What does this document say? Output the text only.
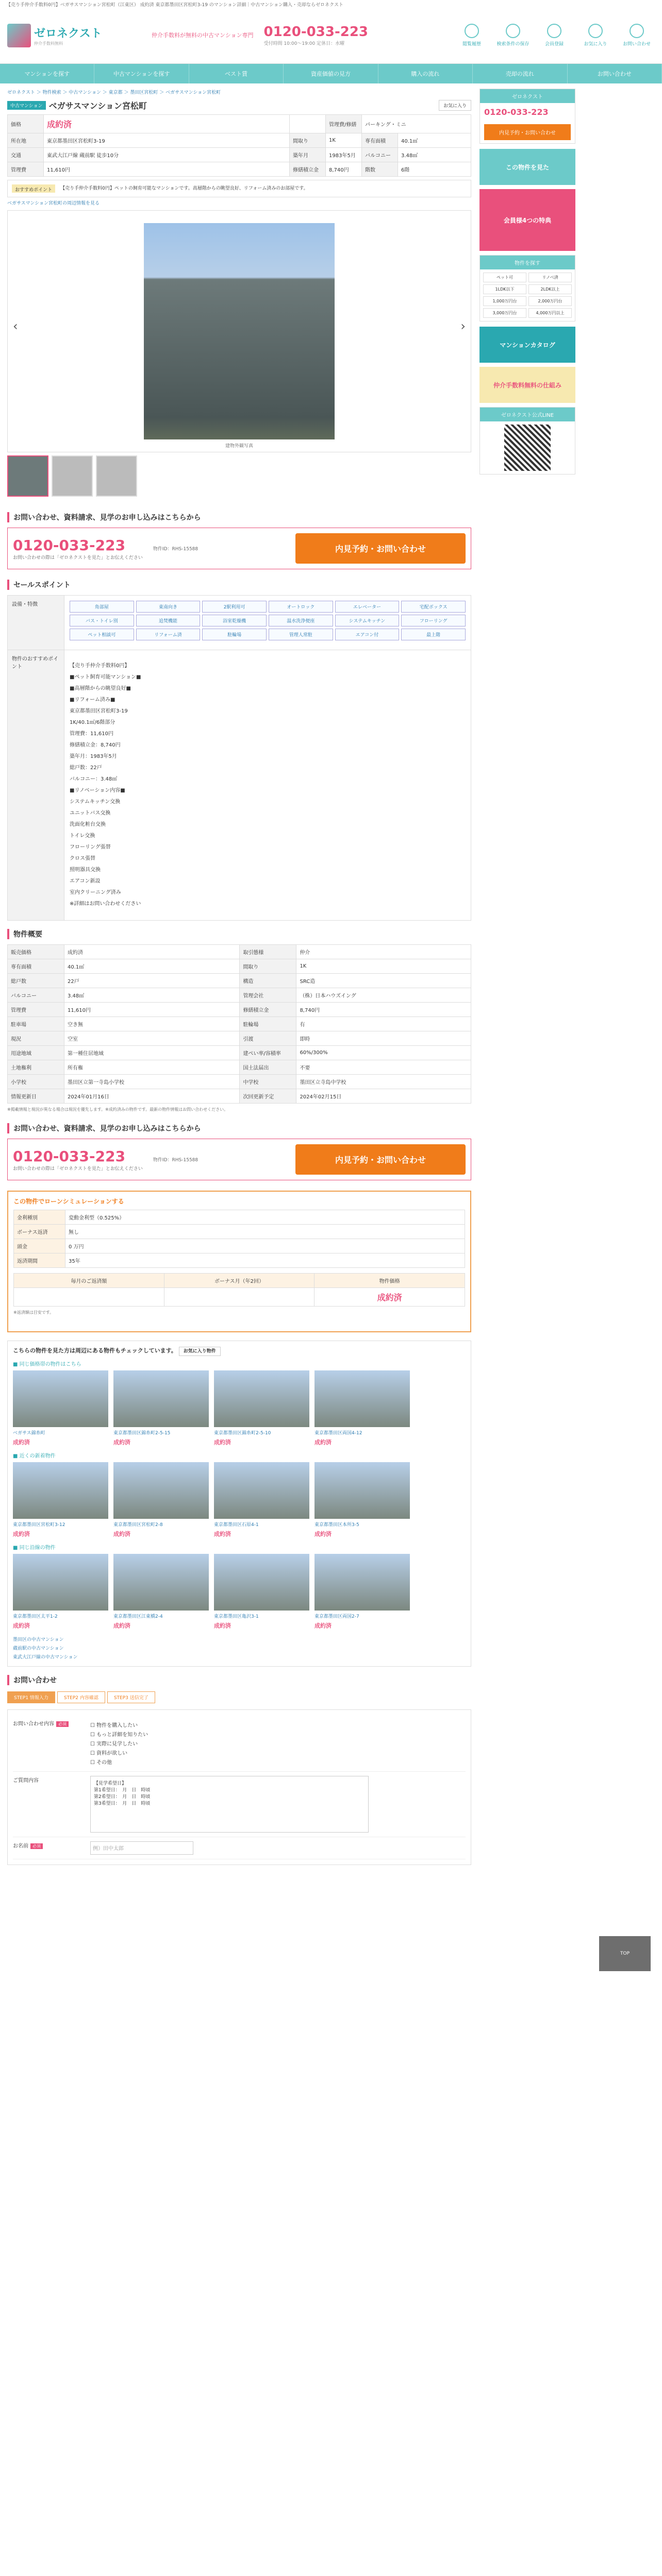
【売り手仲介手数料0円】ベガサスマンション宮松町（江東区） 成約済 東京都墨田区宮松町3-19 のマンション詳細｜中古マンション購入・売却ならゼロネクスト
ゼロネクスト
仲介手数料無料
仲介手数料が無料の中古マンション専門 0120-033-223
受付時間 10:00〜19:00 定休日：水曜	閲覧履歴	検索条件の保存	会員登録	お気に入り	お問い合わせ
マンションを探す	中古マンションを探す	ベスト賃	資産価値の見方	購入の流れ	売却の流れ	お問い合わせ
ゼロネクスト ＞ 物件検索 ＞ 中古マンション ＞ 東京都 ＞ 墨田区宮松町 ＞ ベガサスマンション宮松町
中古マンション ベガサスマンション宮松町	お気に入り
価格	成約済		管理費/修繕	パーキング・ミニ	
所在地	東京都墨田区宮松町3-19	間取り	1K	専有面積	40.1㎡
交通	東武大江戸線 蔵前駅 徒歩10分	築年月	1983年5月	バルコニー	3.48㎡
管理費	11,610円	修繕積立金	8,740円	階数	6階
おすすめポイント	【売り手仲介手数料0円】ペットの飼育可能なマンションです。高層階からの眺望良好、リフォーム済みのお部屋です。
ベガサスマンション宮松町の周辺情報を見る
‹	›
建物外観写真
お問い合わせ、資料請求、見学のお申し込みはこちらから
0120-033-223
お問い合わせの際は「ゼロネクストを見た」とお伝えください
物件ID：RHS-15588	内見予約・お問い合わせ
セールスポイント
設備・特徴	角部屋	東南向き	2駅利用可	オートロック	エレベーター	宅配ボックス
バス・トイレ別	追焚機能	浴室乾燥機	温水洗浄便座	システムキッチン	フローリング
ペット相談可	リフォーム済	駐輪場	管理人常駐	エアコン付	最上階
物件のおすすめポイント	【売り手仲介手数料0円】
■ペット飼育可能マンション■
■高層階からの眺望良好■
■リフォーム済み■
東京都墨田区宮松町3-19
1K/40.1㎡/6階部分
管理費：11,610円
修繕積立金：8,740円
築年月：1983年5月
総戸数：22戸
バルコニー：3.48㎡
■リノベーション内容■
システムキッチン交換
ユニットバス交換
洗面化粧台交換
トイレ交換
フローリング張替
クロス張替
照明器具交換
エアコン新設
室内クリーニング済み
※詳細はお問い合わせください
物件概要
販売価格	成約済	取引態様	仲介
専有面積	40.1㎡	間取り	1K
総戸数	22戸	構造	SRC造
バルコニー	3.48㎡	管理会社	（株）日本ハウズイング
管理費	11,610円	修繕積立金	8,740円
駐車場	空き無	駐輪場	有
現況	空室	引渡	即時
用途地域	第一種住居地域	建ぺい率/容積率	60%/300%
土地権利	所有権	国土法届出	不要
小学校	墨田区立第一寺島小学校	中学校	墨田区立寺島中学校
情報更新日	2024年01月16日	次回更新予定	2024年02月15日
※掲載情報と現況が異なる場合は現況を優先します。※成約済みの物件です。最新の物件情報はお問い合わせください。
お問い合わせ、資料請求、見学のお申し込みはこちらから
0120-033-223
お問い合わせの際は「ゼロネクストを見た」とお伝えください
物件ID：RHS-15588	内見予約・お問い合わせ
この物件でローンシミュレーションする
金利種別	変動金利型（0.525%）
ボーナス返済	無し
頭金	0 万円
返済期間	35年
毎月のご返済額	ボーナス月（年2回）	物件価格
		成約済
※返済額は目安です。
こちらの物件を見た方は周辺にある物件もチェックしています。 お気に入り物件
■ 同じ価格帯の物件はこちら
ベガサス錦糸町
成約済
東京都墨田区錦糸町2-5-15
成約済
東京都墨田区錦糸町2-5-10
成約済
東京都墨田区両国4-12
成約済
■ 近くの新着物件
東京都墨田区宮松町3-12
成約済
東京都墨田区宮松町2-8
成約済
東京都墨田区石原4-1
成約済
東京都墨田区本所3-5
成約済
■ 同じ沿線の物件
東京都墨田区太平1-2
成約済
東京都墨田区江東橋2-4
成約済
東京都墨田区亀沢3-1
成約済
東京都墨田区両国2-7
成約済
墨田区の中古マンション
蔵前駅の中古マンション
東武大江戸線の中古マンション
お問い合わせ
STEP1 情報入力	STEP2 内容確認	STEP3 送信完了
お問い合わせ内容 必須	☐ 物件を購入したい
☐ もっと詳細を知りたい
☐ 実際に見学したい
☐ 資料が欲しい
☐ その他
ご質問内容	【見学希望日】
第1希望日：　月　日　時頃
第2希望日：　月　日　時頃
第3希望日：　月　日　時頃
お名前 必須	例）田中太郎
ゼロネクスト
0120-033-223
内見予約・お問い合わせ
この物件を見た
会員様4つの特典
物件を探す
ペット可	リノベ済
1LDK以下	2LDK以上
1,000万円台	2,000万円台
3,000万円台	4,000万円以上
マンションカタログ
仲介手数料無料の仕組み
ゼロネクスト公式LINE
TOP
